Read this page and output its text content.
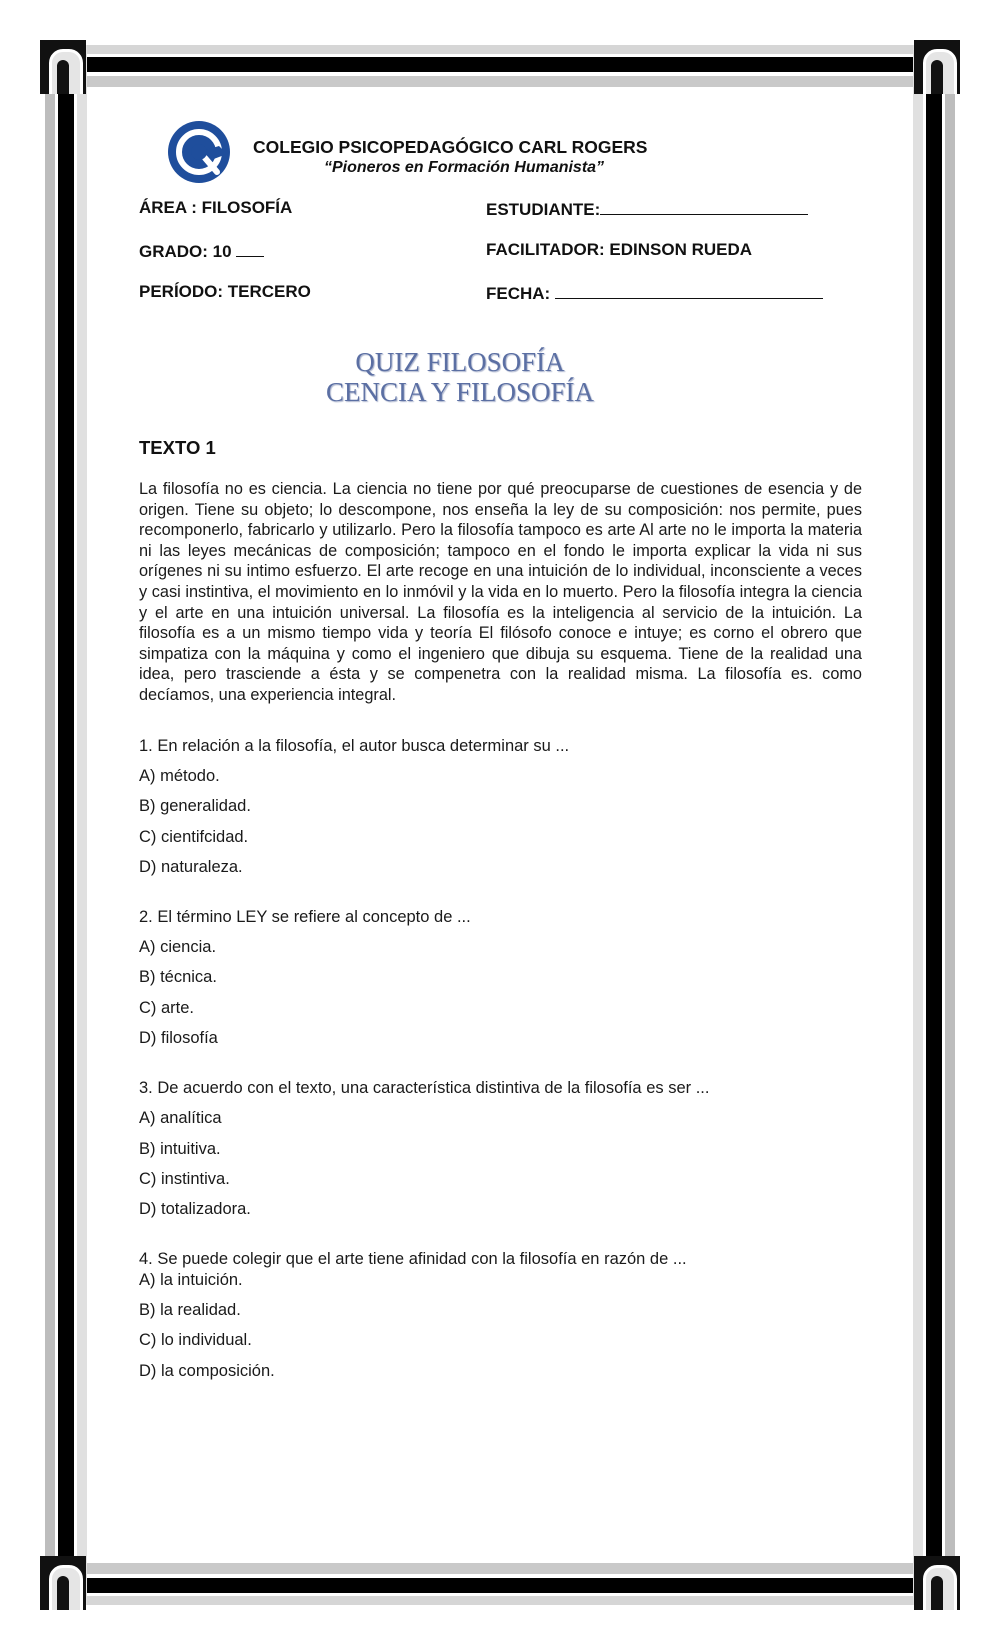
COLEGIO PSICOPEDAGÓGICO CARL ROGERS
“Pioneros en Formación Humanista”
ÁREA : FILOSOFÍA
GRADO: 10
PERÍODO: TERCERO
ESTUDIANTE:
FACILITADOR: EDINSON RUEDA
FECHA:
QUIZ FILOSOFÍA
CENCIA Y FILOSOFÍA
TEXTO 1
La filosofía no es ciencia. La ciencia no tiene por qué preocuparse de cuestiones de esencia y de origen. Tiene su objeto; lo descompone, nos enseña la ley de su composición: nos permite, pues recomponerlo, fabricarlo y utilizarlo. Pero la filosofía tampoco es arte Al arte no le importa la materia ni las leyes mecánicas de composición; tampoco en el fondo le importa explicar la vida ni sus orígenes ni su intimo esfuerzo. El arte recoge en una intuición de lo individual, inconsciente a veces y casi instintiva, el movimiento en lo inmóvil y la vida en lo muerto. Pero la filosofía integra la ciencia y el arte en una intuición universal. La filosofía es la inteligencia al servicio de la intuición. La filosofía es a un mismo tiempo vida y teoría El filósofo conoce e intuye; es corno el obrero que simpatiza con la máquina y como el ingeniero que dibuja su esquema. Tiene de la realidad una idea, pero trasciende a ésta y se compenetra con la realidad misma. La filosofía es. como decíamos, una experiencia integral.
1. En relación a la filosofía, el autor busca determinar su ...
A) método.
B) generalidad.
C) cientifcidad.
D) naturaleza.
2. El término LEY se refiere al concepto de ...
A) ciencia.
B) técnica.
C) arte.
D) filosofía
3. De acuerdo con el texto, una característica distintiva de la filosofía es ser ...
A) analítica
B) intuitiva.
C) instintiva.
D) totalizadora.
4. Se puede colegir que el arte tiene afinidad con la filosofía en razón de ...
A) la intuición.
B) la realidad.
C) lo individual.
D) la composición.
